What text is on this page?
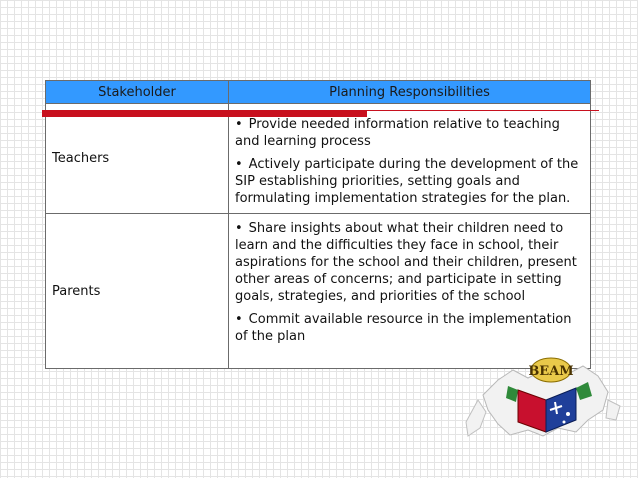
Stakeholder	Planning Responsibilities
Teachers	• Provide needed information relative to teaching and learning process
• Actively participate during the development of the SIP establishing priorities, setting goals and formulating implementation strategies for the plan.

Parents	• Share insights about what their children need to learn and the difficulties they face in school, their aspirations for the school and their children, present other areas of concerns; and participate in setting goals, strategies, and priorities of the school
• Commit available resource in the implementation of the plan
BEAM
